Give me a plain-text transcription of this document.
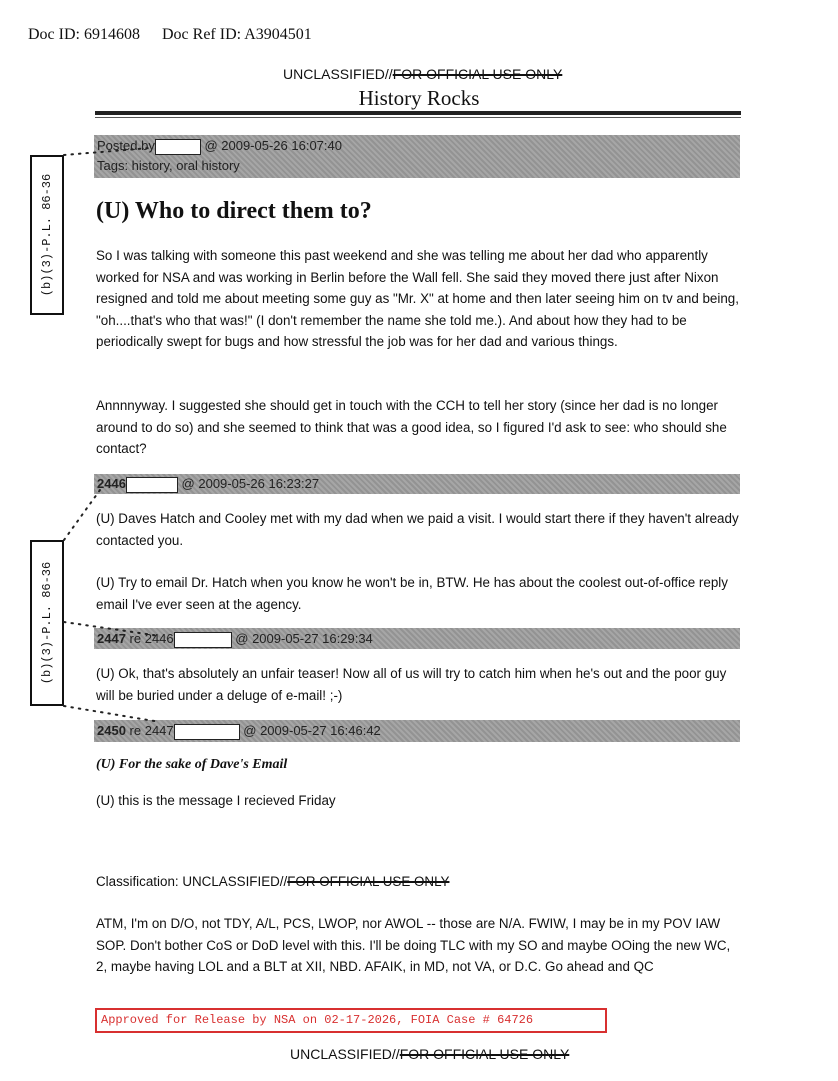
Doc ID: 6914608 Doc Ref ID: A3904501
UNCLASSIFIED//FOR OFFICIAL USE ONLY
History Rocks
Posted by	@ 2009-05-26 16:07:40
Tags: history, oral history
(U) Who to direct them to?

So I was talking with someone this past weekend and she was telling me about her dad who apparently worked for NSA and was working in Berlin before the Wall fell. She said they moved there just after Nixon resigned and told me about meeting some guy as "Mr. X" at home and then later seeing him on tv and being, "oh....that's who that was!" (I don't remember the name she told me.). And about how they had to be periodically swept for bugs and how stressful the job was for her dad and various things.

Annnnyway. I suggested she should get in touch with the CCH to tell her story (since her dad is no longer around to do so) and she seemed to think that was a good idea, so I figured I'd ask to see: who should she contact?

2446	@ 2009-05-26 16:23:27

(U) Daves Hatch and Cooley met with my dad when we paid a visit. I would start there if they haven't already contacted you.

(U) Try to email Dr. Hatch when you know he won't be in, BTW. He has about the coolest out-of-office reply email I've ever seen at the agency.

2447 re 2446	@ 2009-05-27 16:29:34

(U) Ok, that's absolutely an unfair teaser! Now all of us will try to catch him when he's out and the poor guy will be buried under a deluge of e-mail! ;-)

2450 re 2447	@ 2009-05-27 16:46:42
(U) For the sake of Dave's Email

(U) this is the message I recieved Friday

Classification: UNCLASSIFIED//FOR OFFICIAL USE ONLY

ATM, I'm on D/O, not TDY, A/L, PCS, LWOP, nor AWOL -- those are N/A. FWIW, I may be in my POV IAW SOP. Don't bother CoS or DoD level with this. I'll be doing TLC with my SO and maybe OOing the new WC, 2, maybe having LOL and a BLT at XII, NBD. AFAIK, in MD, not VA, or D.C. Go ahead and QC

(b)(3)-P.L. 86-36
(b)(3)-P.L. 86-36
Approved for Release by NSA on 02-17-2026, FOIA Case # 64726
UNCLASSIFIED//FOR OFFICIAL USE ONLY
